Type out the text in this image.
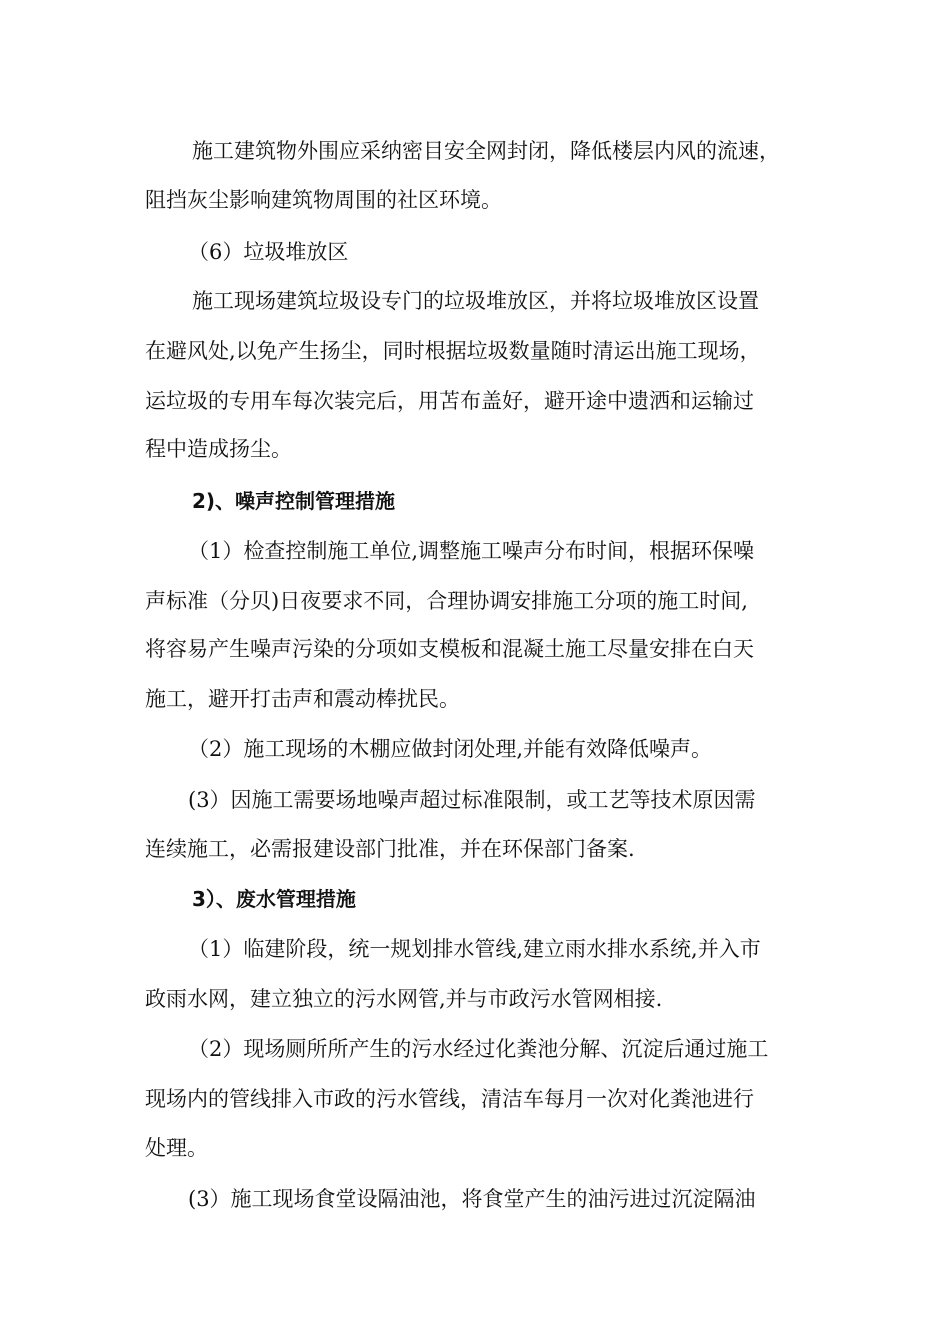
施工建筑物外围应采纳密目安全网封闭，降低楼层内风的流速，
阻挡灰尘影响建筑物周围的社区环境。
（6）垃圾堆放区
施工现场建筑垃圾设专门的垃圾堆放区，并将垃圾堆放区设置
在避风处,以免产生扬尘，同时根据垃圾数量随时清运出施工现场，
运垃圾的专用车每次装完后，用苫布盖好，避开途中遗洒和运输过
程中造成扬尘。
2)、噪声控制管理措施
（1）检查控制施工单位,调整施工噪声分布时间，根据环保噪
声标准（分贝)日夜要求不同，合理协调安排施工分项的施工时间,
将容易产生噪声污染的分项如支模板和混凝土施工尽量安排在白天
施工，避开打击声和震动棒扰民。
（2）施工现场的木棚应做封闭处理,并能有效降低噪声。
(3）因施工需要场地噪声超过标准限制，或工艺等技术原因需
连续施工，必需报建设部门批准，并在环保部门备案.
3）、废水管理措施
（1）临建阶段，统一规划排水管线,建立雨水排水系统,并入市
政雨水网，建立独立的污水网管,并与市政污水管网相接.
（2）现场厕所所产生的污水经过化粪池分解、沉淀后通过施工
现场内的管线排入市政的污水管线，清洁车每月一次对化粪池进行
处理。
(3）施工现场食堂设隔油池，将食堂产生的油污进过沉淀隔油
